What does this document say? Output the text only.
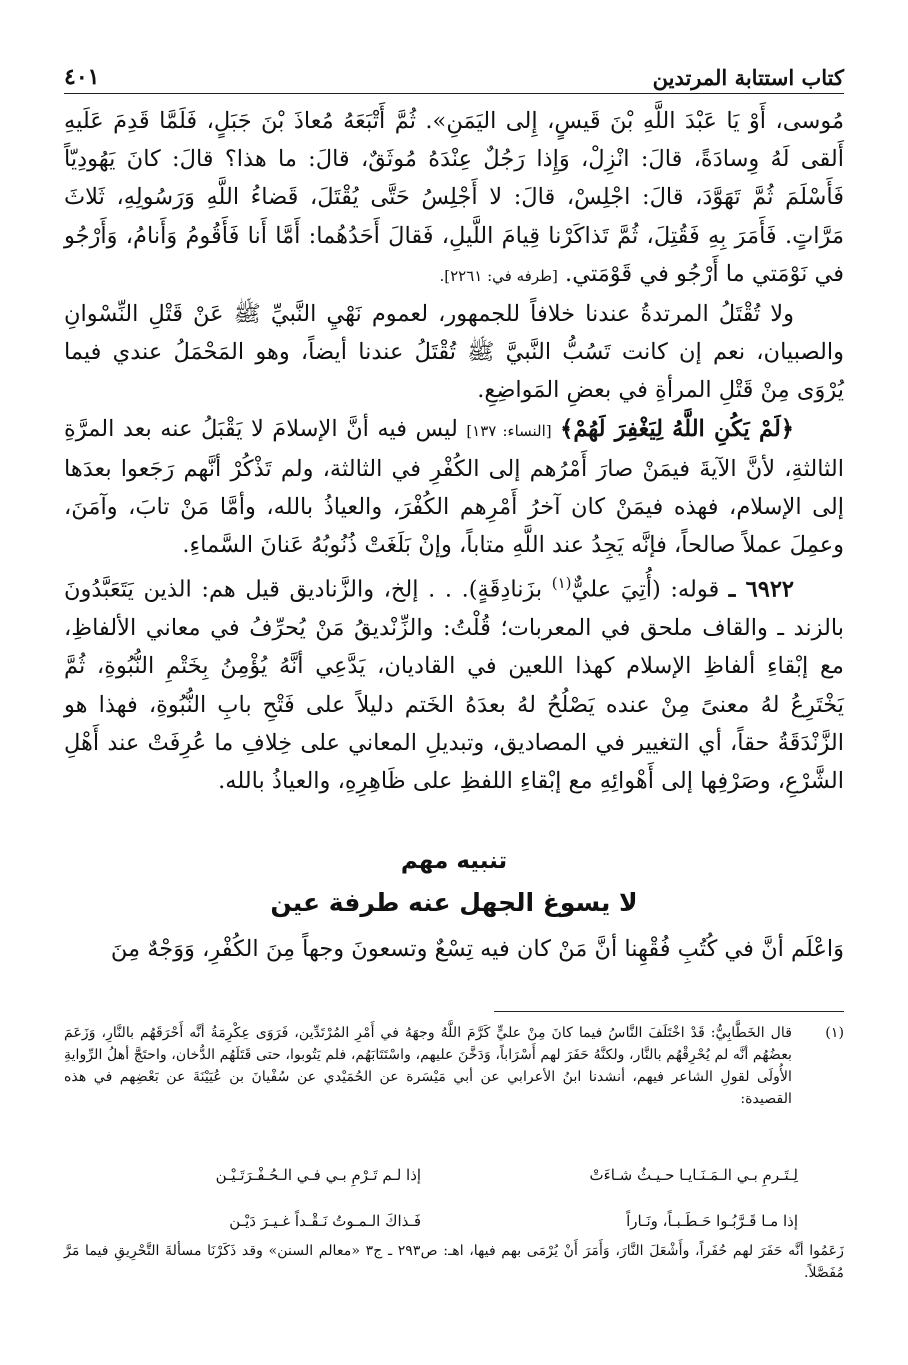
كتاب استتابة المرتدين
٤٠١

مُوسى، أَوْ يَا عَبْدَ اللَّهِ بْنَ قَيسٍ، إِلى اليَمَنِ». ثُمَّ أَتْبَعَهُ مُعاذَ بْنَ جَبَلٍ، فَلَمَّا قَدِمَ عَلَيهِ أَلقى لَهُ وِسادَةً، قالَ: انْزِلْ، وَإِذا رَجُلٌ عِنْدَهُ مُوثَقٌ، قالَ: ما هذا؟ قالَ: كانَ يَهُودِيّاً فَأَسْلَمَ ثُمَّ تَهَوَّدَ، قالَ: اجْلِسْ، قالَ: لا أَجْلِسُ حَتَّى يُقْتَلَ، قَضاءُ اللَّهِ وَرَسُولِهِ، ثَلاثَ مَرَّاتٍ. فَأَمَرَ بِهِ فَقُتِلَ، ثُمَّ تَذاكَرْنا قِيامَ اللَّيلِ، فَقالَ أَحَدُهُما: أَمَّا أَنا فَأَقُومُ وَأَنامُ، وَأَرْجُو في نَوْمَتي ما أَرْجُو في قَوْمَتي. [طرفه في: ٢٢٦١].

ولا تُقْتَلُ المرتدةُ عندنا خلافاً للجمهور، لعموم نَهْيِ النَّبيِّ ﷺ عَنْ قَتْلِ النِّسْوانِ والصبيان، نعم إن كانت تَسُبُّ النَّبيَّ ﷺ تُقْتَلُ عندنا أيضاً، وهو المَحْمَلُ عندي فيما يُرْوَى مِنْ قَتْلِ المرأةِ في بعضِ المَواضِعِ.

﴿لَمْ يَكُنِ اللَّهُ لِيَغْفِرَ لَهُمْ﴾ [النساء: ١٣٧] ليس فيه أنَّ الإسلامَ لا يَقْبَلُ عنه بعد المرَّةِ الثالثةِ، لأنَّ الآيةَ فيمَنْ صارَ أَمْرُهم إلى الكُفْرِ في الثالثة، ولم تَذْكُرْ أنَّهم رَجَعوا بعدَها إلى الإسلام، فهذه فيمَنْ كان آخرُ أَمْرِهم الكُفْرَ، والعياذُ بالله، وأمَّا مَنْ تابَ، وآمَنَ، وعمِلَ عملاً صالحاً، فإنَّه يَجِدُ عند اللَّهِ متاباً، وإنْ بَلَغَتْ ذُنُوبُهُ عَنانَ السَّماءِ.

٦٩٢٢ ـ قوله: (أُتِيَ عليٌّ$^{(١)}$ بزَنادِقَةٍ). . . إلخ، والزَّناديق قيل هم: الذين يَتَعَبَّدُونَ بالزند ـ والقاف ملحق في المعربات؛ قُلْتُ: والزِّنْديقُ مَنْ يُحرِّفُ في معاني الألفاظِ، مع إبْقاءِ ألفاظِ الإسلام كهذا اللعين في القاديان، يَدَّعِي أنَّهُ يُؤْمِنُ بِخَتْمِ النُّبُوةِ، ثُمَّ يَخْتَرِعُ لهُ معنىً مِنْ عنده يَصْلُحُ لهُ بعدَهُ الخَتم دليلاً على فَتْحِ بابِ النُّبُوةِ، فهذا هو الزَّنْدَقَةُ حقاً، أي التغيير في المصاديق، وتبديلِ المعاني على خِلافِ ما عُرِفَتْ عند أَهْلِ الشَّرْعِ، وصَرْفِها إلى أَهْوائِهِ مع إبْقاءِ اللفظِ على ظَاهِرِهِ، والعياذُ بالله.

تنبيه مهم
لا يسوغ الجهل عنه طرفة عين
وَاعْلَم أنَّ في كُتُبِ فُقْهِنا أنَّ مَنْ كان فيه تِسْعٌ وتسعونَ وجهاً مِنَ الكُفْرِ، وَوَجْهٌ مِنَ
(١)
قال الخَطَّابِيُّ: قَدْ اخْتَلَفَ النَّاسُ فيما كانَ مِنْ عليٍّ كَرَّمَ اللَّهُ وجهَهُ في أَمْرِ المُرْتَدِّين، فَرَوَى عِكْرِمَةُ أنَّه أَحْرَقَهُم بالنَّارِ، وَزَعَمَ بعضُهُم أنَّه لم يُحْرِقْهُم بالنَّار، ولكنَّهُ حَفَرَ لهم أَسْرَاباً، وَدَخَّنَ عليهم، واسْتَتَابَهُم، فلم يَتُوبوا، حتى قَتَلَهُم الدُّخان، واحتَجَّ أهلُ الرِّوايةِ الأُولَى لقولِ الشاعر فيهم، أنشدنا ابنُ الأعرابي عن أبي مَيْسَرة عن الحُمَيْدي عن سُفْيانَ بن عُيَيْنَةَ عن بَعْضِهم في هذه القصيدة:
لِـتَـرمِ بـي الـمَـنَـايـا حـيـثُ شـاءَتْ
إذا لـم تَـرْمِ بـي فـي الـحُـفْـرَتَـيْـن
إذا مـا قَـرَّبُـوا حَـطَـبـاً، ونَـاراً
فَـذاكَ الـمـوتُ نَـقْـداً غـيـرَ دَيْـن
زَعَمُوا أنَّه حَفَرَ لهم حُفَراً، وأَشْعَلَ النَّارَ، وَأَمَرَ أَنْ يُرْمَى بهم فيها، اهـ: ص٢٩٣ ـ ج٣ «معالم السنن» وقد ذَكَرْنَا مسألةَ التَّحْرِيقِ فيما مَرَّ مُفَصَّلاً.
